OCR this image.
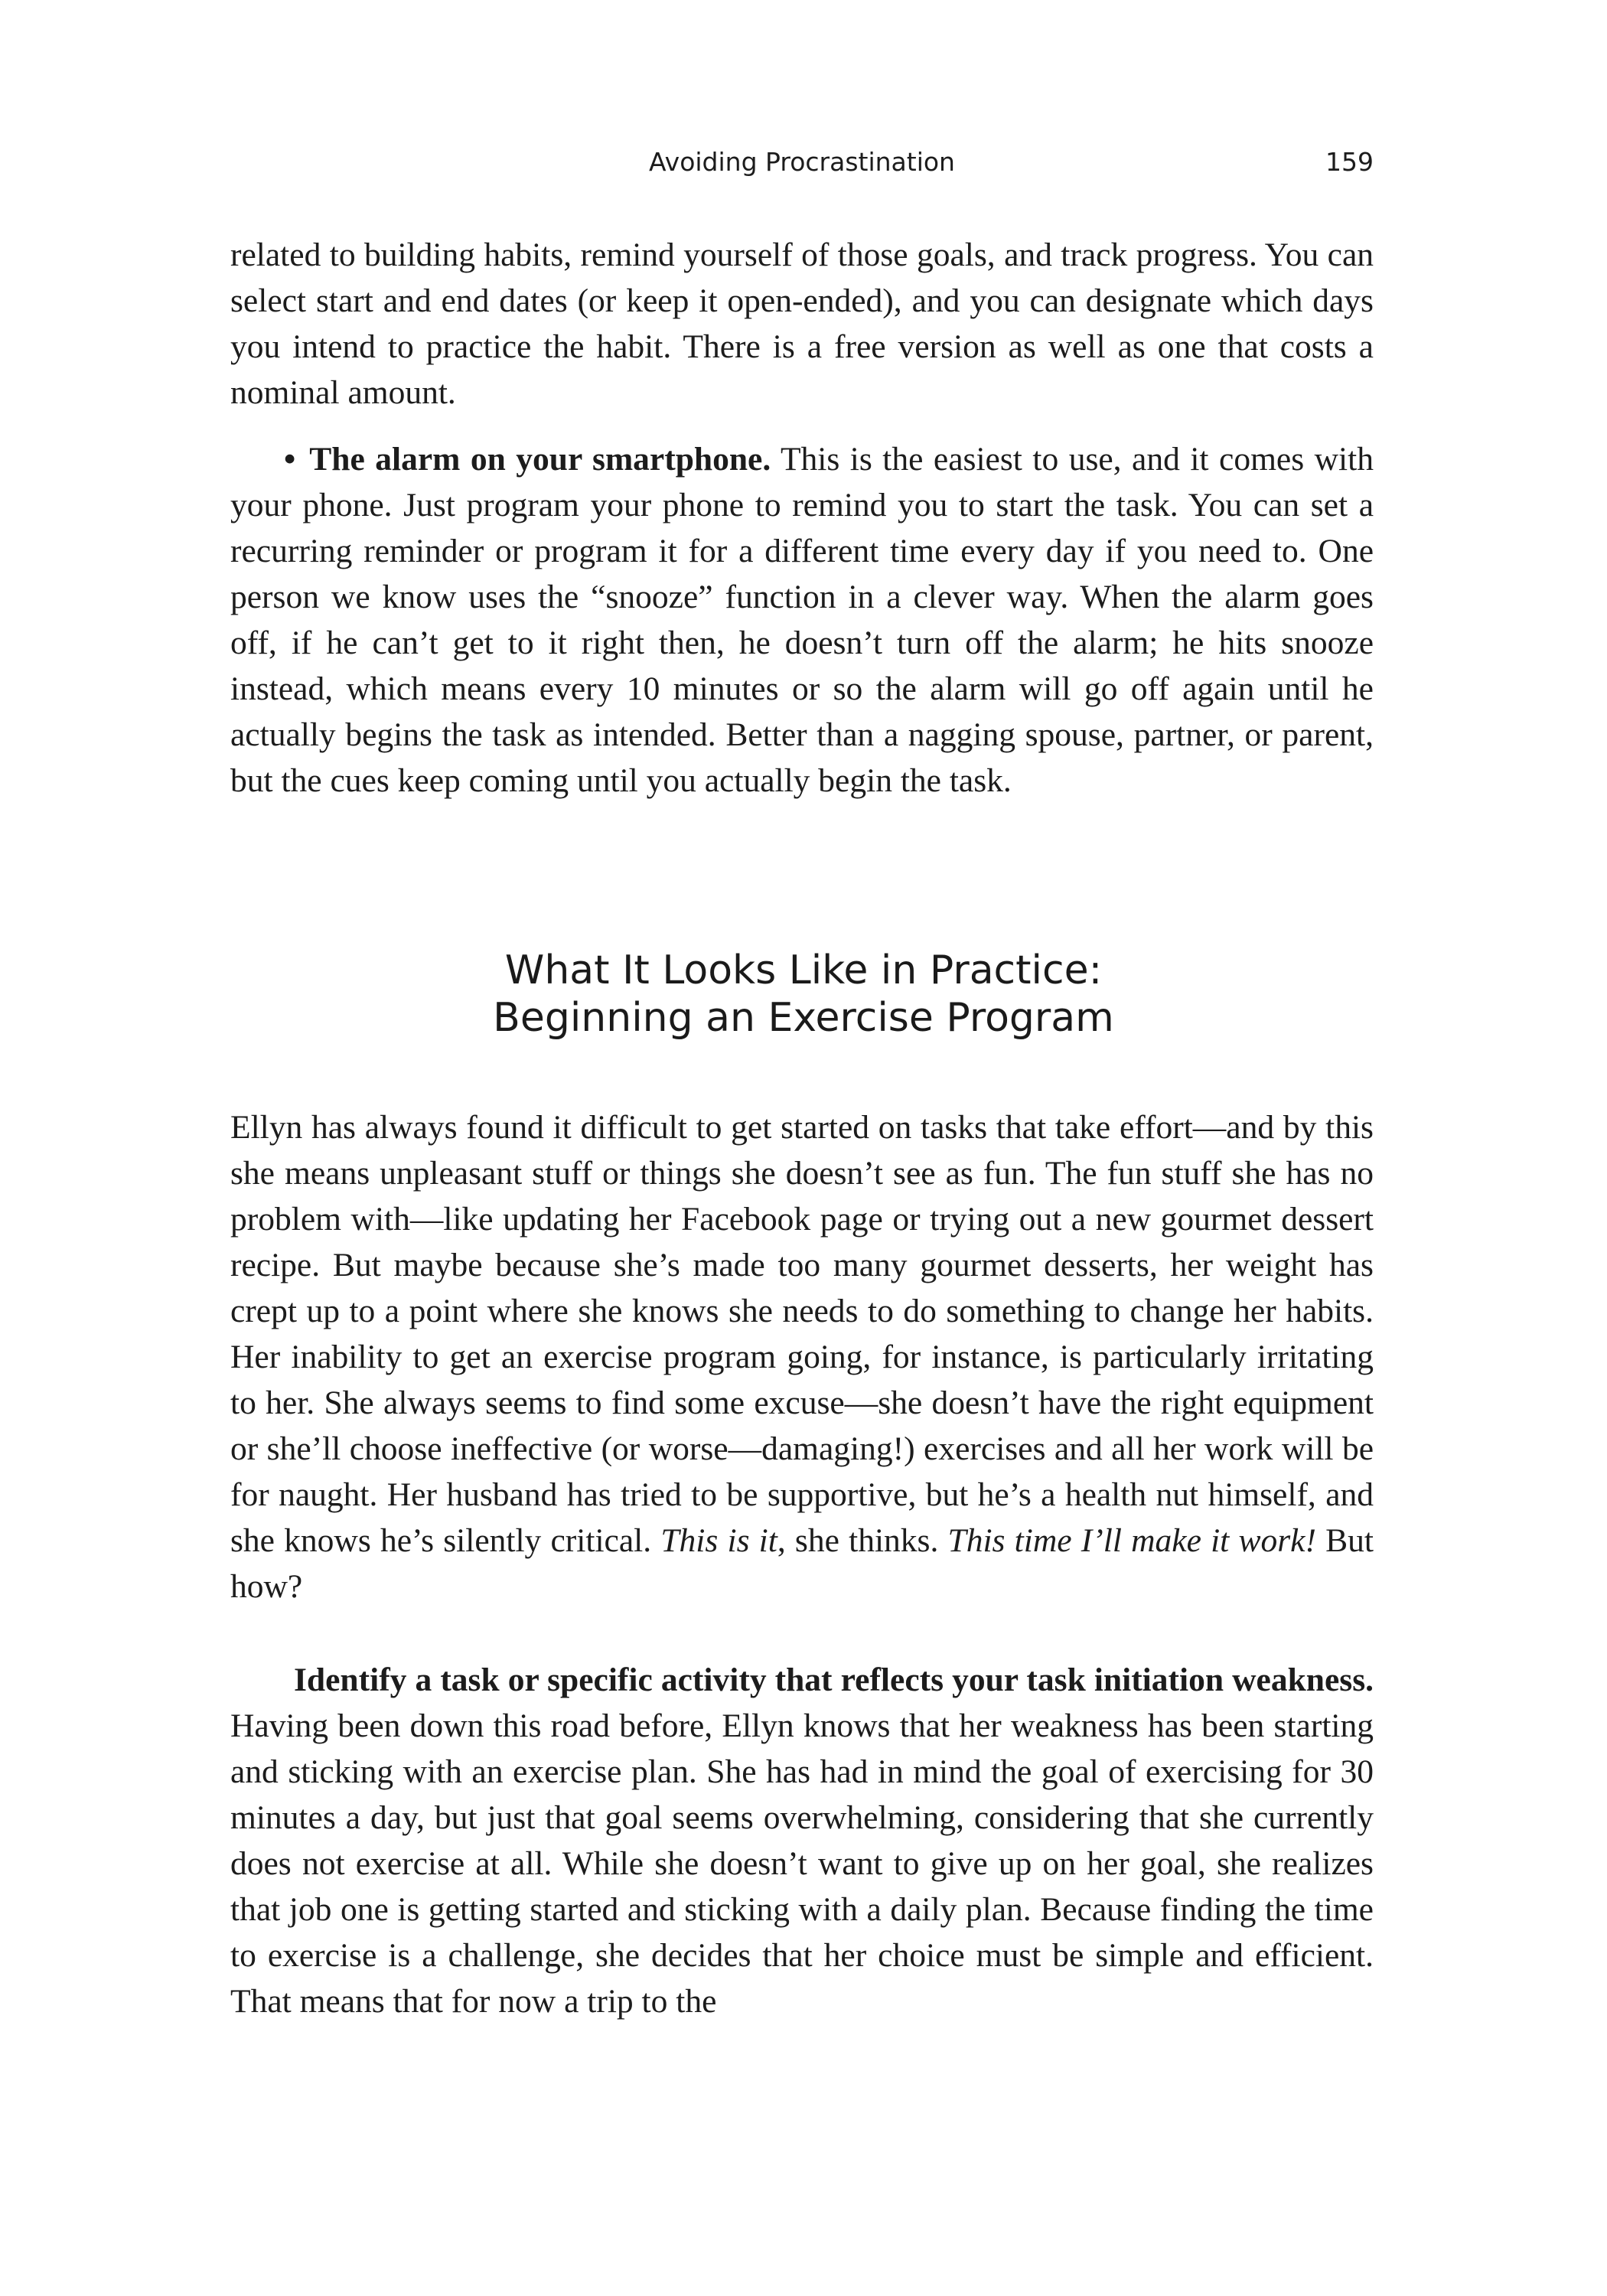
Avoiding Procrastination	159

related to building habits, remind yourself of those goals, and track progress. You can select start and end dates (or keep it open-ended), and you can designate which days you intend to practice the habit. There is a free version as well as one that costs a nominal amount.

• The alarm on your smartphone. This is the easiest to use, and it comes with your phone. Just program your phone to remind you to start the task. You can set a recurring reminder or program it for a different time every day if you need to. One person we know uses the “snooze” function in a clever way. When the alarm goes off, if he can’t get to it right then, he doesn’t turn off the alarm; he hits snooze instead, which means every 10 minutes or so the alarm will go off again until he actually begins the task as intended. Better than a nagging spouse, partner, or parent, but the cues keep coming until you actually begin the task.

What It Looks Like in Practice:
Beginning an Exercise Program

Ellyn has always found it difficult to get started on tasks that take effort—and by this she means unpleasant stuff or things she doesn’t see as fun. The fun stuff she has no problem with—like updating her Facebook page or trying out a new gourmet dessert recipe. But maybe because she’s made too many gourmet desserts, her weight has crept up to a point where she knows she needs to do something to change her habits. Her inability to get an exercise program going, for instance, is particularly irritating to her. She always seems to find some excuse—she doesn’t have the right equipment or she’ll choose ineffective (or worse—damaging!) exercises and all her work will be for naught. Her husband has tried to be supportive, but he’s a health nut himself, and she knows he’s silently critical. This is it, she thinks. This time I’ll make it work! But how?

Identify a task or specific activity that reflects your task initiation weakness. Having been down this road before, Ellyn knows that her weakness has been starting and sticking with an exercise plan. She has had in mind the goal of exercising for 30 minutes a day, but just that goal seems overwhelming, considering that she currently does not exercise at all. While she doesn’t want to give up on her goal, she realizes that job one is getting started and sticking with a daily plan. Because finding the time to exercise is a challenge, she decides that her choice must be simple and efficient. That means that for now a trip to the
